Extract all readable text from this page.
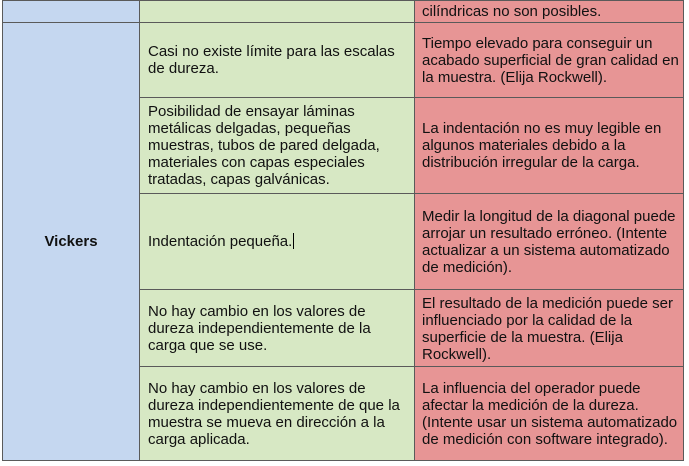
		cilíndricas no son posibles.

Vickers	Casi no existe límite para las escalas de dureza.	Tiempo elevado para conseguir un acabado superficial de gran calidad en la muestra. (Elija Rockwell).

	Posibilidad de ensayar láminas metálicas delgadas, pequeñas muestras, tubos de pared delgada, materiales con capas especiales tratadas, capas galvánicas.	La indentación no es muy legible en algunos materiales debido a la distribución irregular de la carga.

	Indentación pequeña.	Medir la longitud de la diagonal puede arrojar un resultado erróneo. (Intente actualizar a un sistema automatizado de medición).

	No hay cambio en los valores de dureza independientemente de la carga que se use.	El resultado de la medición puede ser influenciado por la calidad de la superficie de la muestra. (Elija Rockwell).

	No hay cambio en los valores de dureza independientemente de que la muestra se mueva en dirección a la carga aplicada.	La influencia del operador puede afectar la medición de la dureza. (Intente usar un sistema automatizado de medición con software integrado).
